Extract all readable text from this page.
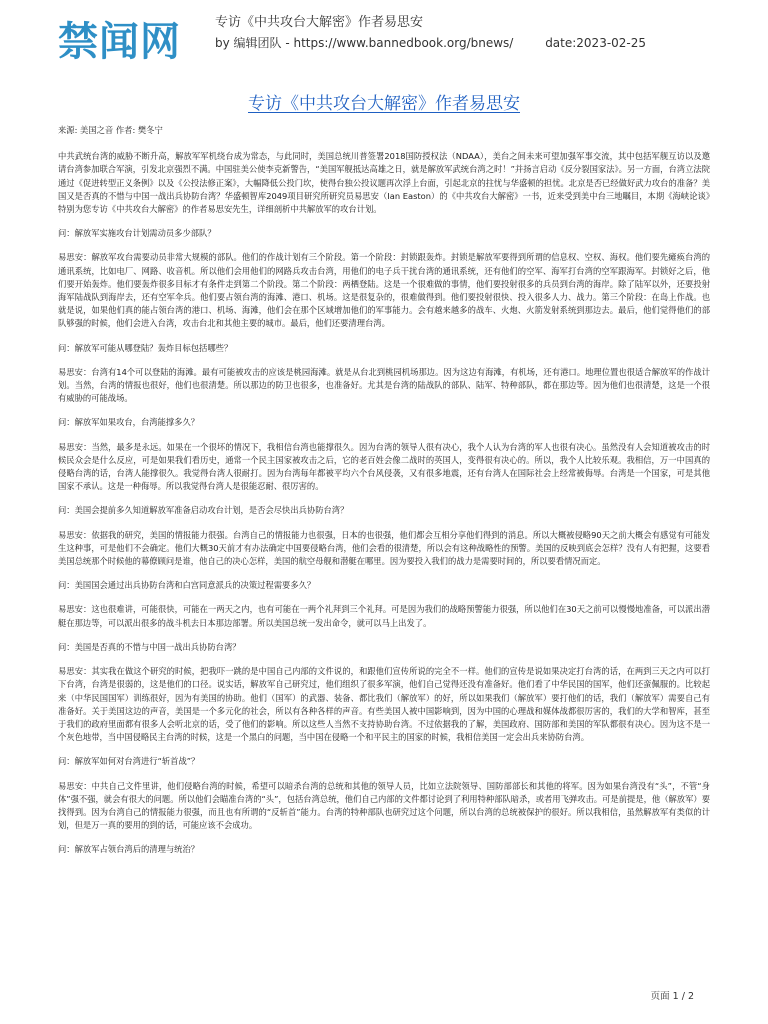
禁闻网	专访《中共攻台大解密》作者易思安
by 编辑团队 - https://www.bannedbook.org/bnews/	date:2023-02-25
专访《中共攻台大解密》作者易思安

来源: 美国之音 作者: 樊冬宁

中共武统台湾的威胁不断升高，解放军军机绕台成为常态，与此同时，美国总统川普签署2018国防授权法（NDAA），美台之间未来可望加强军事交流，其中包括军舰互访以及邀请台湾参加联合军演，引发北京强烈不满。中国驻美公使李克新警告，“美国军舰抵达高雄之日，就是解放军武统台湾之时！”并扬言启动《反分裂国家法》。另一方面，台湾立法院通过《促进转型正义条例》以及《公投法修正案》，大幅降低公投门坎，使得台独公投议题再次浮上台面，引起北京的拄忧与华盛顿的担忧。北京是否已经做好武力攻台的准备？美国又是否真的不惜与中国一战出兵协防台湾？华盛顿智库2049项目研究所研究员易思安（Ian Easton）的《中共攻台大解密》一书，近来受到美中台三地瞩目，本期《海峡论谈》特别为您专访《中共攻台大解密》的作者易思安先生，详细剖析中共解放军的攻台计划。

问：解放军实施攻台计划需动员多少部队？

易思安：解放军攻台需要动员非常大规模的部队。他们的作战计划有三个阶段。第一个阶段：封锁跟轰炸。封锁是解放军要得到所谓的信息权、空权、海权。他们要先瘫痪台湾的通讯系统，比如电厂、网路、收音机。所以他们会用他们的网路兵攻击台湾，用他们的电子兵干扰台湾的通讯系统，还有他们的空军、海军打台湾的空军跟海军。封锁好之后，他们要开始轰炸。他们要轰炸很多目标才有条件走到第二个阶段。第二个阶段：两栖登陆。这是一个很难做的事情，他们要投射很多的兵员到台湾的海岸。除了陆军以外，还要投射海军陆战队到海岸去，还有空军伞兵。他们要占领台湾的海滩、港口、机场。这是很复杂的，很难做得到。他们要投射很快、投入很多人力、战力。第三个阶段：在岛上作战。也就是说，如果他们真的能占领台湾的港口、机场、海滩，他们会在那个区域增加他们的军事能力。会有越来越多的战车、火炮、火箭发射系统到那边去。最后，他们觉得他们的部队够强的时候，他们会进入台湾，攻击台北和其他主要的城市。最后，他们还要清理台湾。

问：解放军可能从哪登陆？轰炸目标包括哪些？

易思安：台湾有14个可以登陆的海滩。最有可能被攻击的应该是桃园海滩。就是从台北到桃园机场那边。因为这边有海滩，有机场，还有港口。地理位置也很适合解放军的作战计划。当然，台湾的情报也很好，他们也很清楚。所以那边的防卫也很多，也准备好。尤其是台湾的陆战队的部队、陆军、特种部队，都在那边等。因为他们也很清楚，这是一个很有威胁的可能战场。

问：解放军如果攻台，台湾能撑多久？

易思安：当然，最多是永远。如果在一个很坏的情况下，我相信台湾也能撑很久。因为台湾的领导人很有决心，我个人认为台湾的军人也很有决心。虽然没有人会知道被攻击的时候民众会是什么反应，可是如果我们看历史，通常一个民主国家被攻击之后，它的老百姓会像二战时的英国人，变得很有决心的。所以，我个人比较乐观。我相信，万一中国真的侵略台湾的话，台湾人能撑很久。我觉得台湾人很耐打。因为台湾每年都被平均六个台风侵袭，又有很多地震，还有台湾人在国际社会上经常被侮辱。台湾是一个国家，可是其他国家不承认。这是一种侮辱。所以我觉得台湾人是很能忍耐、很厉害的。

问：美国会提前多久知道解放军准备启动攻台计划，是否会尽快出兵协防台湾？

易思安：依据我的研究，美国的情报能力很强。台湾自己的情报能力也很强，日本的也很强，他们都会互相分享他们得到的消息。所以大概被侵略90天之前大概会有感觉有可能发生这种事，可是他们不会确定。他们大概30天前才有办法确定中国要侵略台湾，他们会看的很清楚，所以会有这种战略性的预警。美国的反映到底会怎样？没有人有把握，这要看美国总统那个时候他的幕僚顾问是谁，他自己的决心怎样，美国的航空母舰和潜艇在哪里。因为要投入我们的战力是需要时间的，所以要看情况而定。

问：美国国会通过出兵协防台湾和白宫同意派兵的决策过程需要多久？

易思安：这也很难讲，可能很快，可能在一两天之内，也有可能在一两个礼拜到三个礼拜。可是因为我们的战略预警能力很强，所以他们在30天之前可以慢慢地准备，可以派出潜艇在那边等，可以派出很多的战斗机去日本那边部署。所以美国总统一发出命令，就可以马上出发了。

问：美国是否真的不惜与中国一战出兵协防台湾？

易思安：其实我在做这个研究的时候，把我吓一跳的是中国自己内部的文件说的，和跟他们宣传所说的完全不一样。他们的宣传是说如果决定打台湾的话，在两到三天之内可以打下台湾，台湾是很弱的，这是他们的口径。说实话，解放军自己研究过，他们组织了很多军演，他们自己觉得还没有准备好。他们看了中华民国的国军，他们还蛮佩服的。比较起来（中华民国国军）训练很好，因为有美国的协助。他们（国军）的武器、装备、都比我们（解放军）的好，所以如果我们（解放军）要打他们的话，我们（解放军）需要自己有准备好。关于美国这边的声音，美国是一个多元化的社会，所以有各种各样的声音。有些美国人被中国影响到，因为中国的心理战和媒体战都很厉害的，我们的大学和智库，甚至于我们的政府里面都有很多人会听北京的话，受了他们的影响。所以这些人当然不支持协助台湾。不过依据我的了解，美国政府、国防部和美国的军队都很有决心。因为这不是一个灰色地带，当中国侵略民主台湾的时候，这是一个黑白的问题，当中国在侵略一个和平民主的国家的时候，我相信美国一定会出兵来协防台湾。

问：解放军如何对台湾进行“斩首战”？

易思安：中共自己文件里讲，他们侵略台湾的时候，希望可以暗杀台湾的总统和其他的领导人员，比如立法院领导、国防部部长和其他的将军。因为如果台湾没有“头”，不管“身体”强不强，就会有很大的问题。所以他们会瞄准台湾的“头”，包括台湾总统，他们自己内部的文件都讨论到了利用特种部队暗杀，或者用飞弹攻击。可是前提是，他（解放军）要找得到。因为台湾自己的情报能力很强，而且也有所谓的“反斩首”能力。台湾的特种部队也研究过这个问题，所以台湾的总统被保护的很好。所以我相信，虽然解放军有类似的计划，但是万一真的要用的到的话，可能应该不会成功。

问：解放军占领台湾后的清理与统治？

页面 1 / 2
